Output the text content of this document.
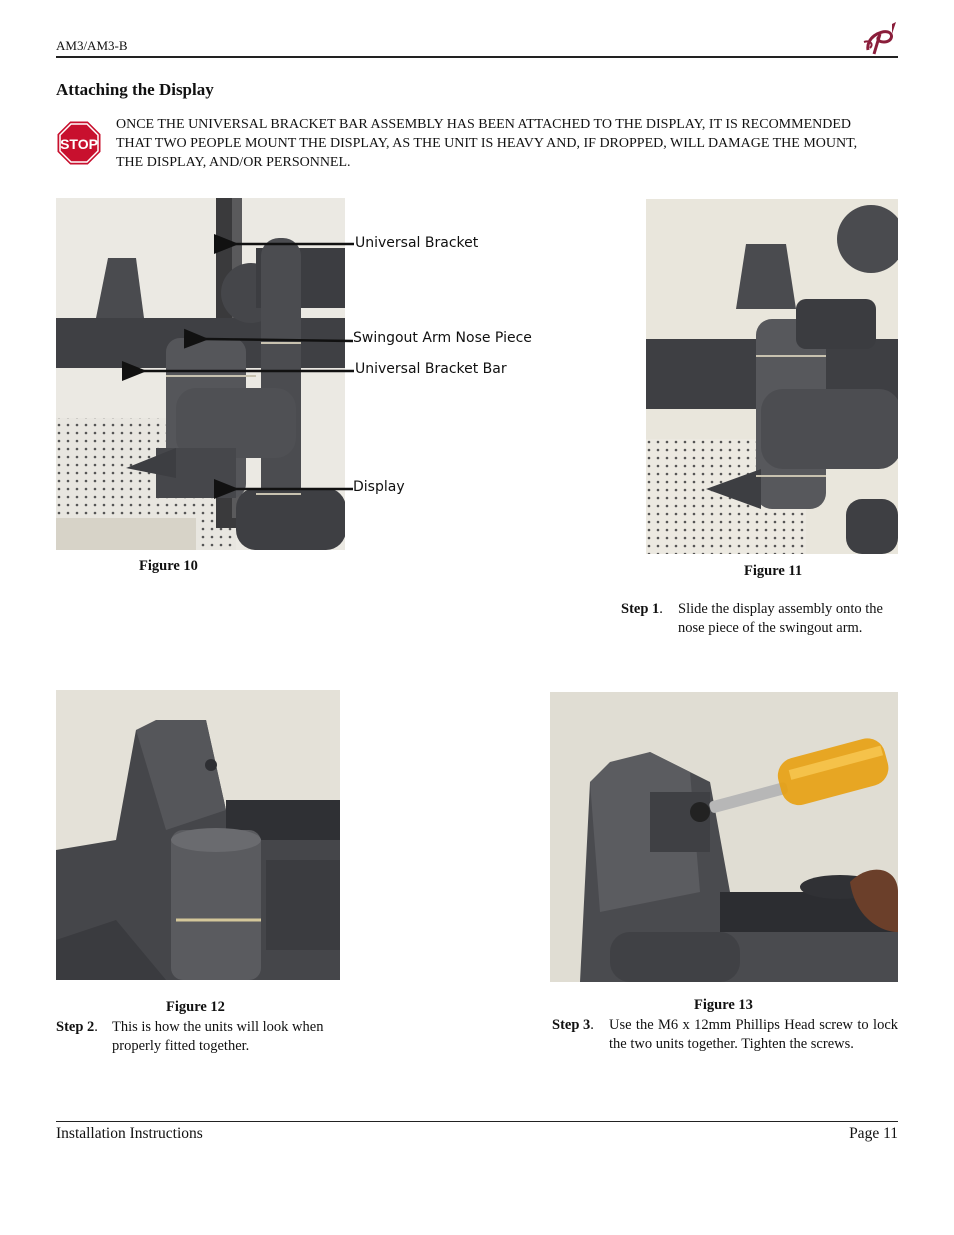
AM3/AM3-B
Attaching the Display
STOP
ONCE THE UNIVERSAL BRACKET BAR ASSEMBLY HAS BEEN ATTACHED TO THE DISPLAY, IT IS RECOMMENDED THAT TWO PEOPLE MOUNT THE DISPLAY, AS THE UNIT IS HEAVY AND, IF DROPPED, WILL DAMAGE THE MOUNT, THE DISPLAY, AND/OR PERSONNEL.
Universal Bracket
Swingout Arm Nose Piece
Universal Bracket Bar
Display
Figure 10	Figure 11
Step 1. Slide the display assembly onto the nose piece of the swingout arm.
Figure 12
Step 2. This is how the units will look when properly fitted together.
Figure 13
Step 3. Use the M6 x 12mm Phillips Head screw to lock the two units together. Tighten the screws.
Installation Instructions	Page 11
